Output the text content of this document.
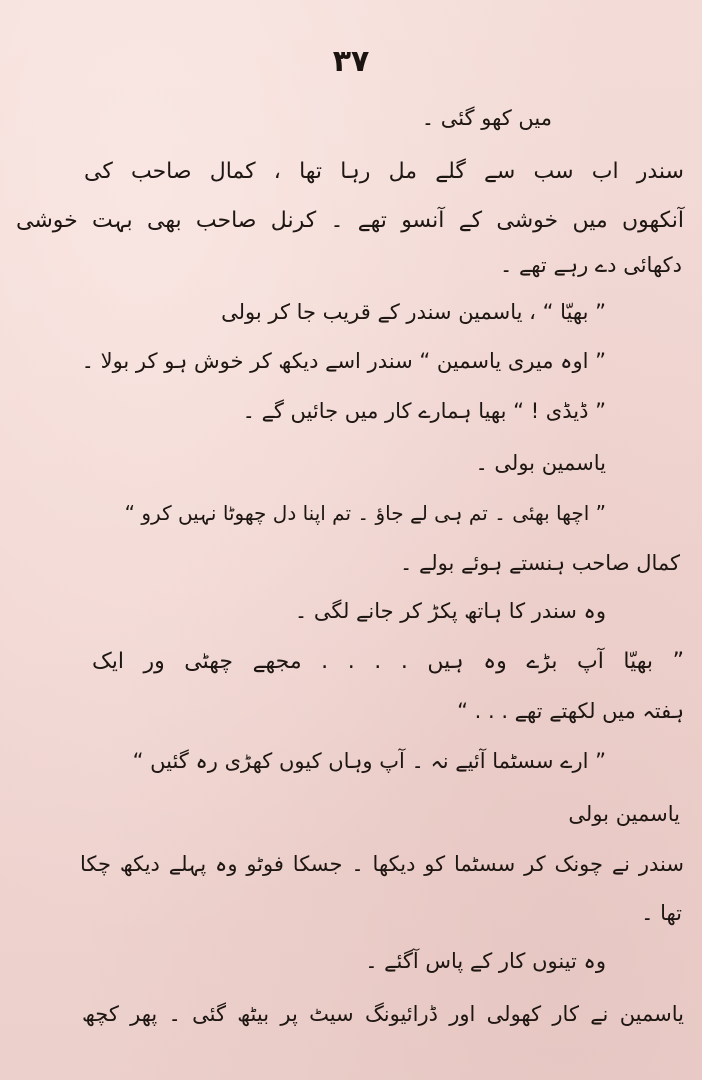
۳۷
میں کھو گئی ۔
سندر اب سب سے گلے مل رہا تھا ، کمال صاحب کی
آنکھوں میں خوشی کے آنسو تھے ۔ کرنل صاحب بھی بہت خوشی
دکھائی دے رہے تھے ۔
” بھیّا “ ، یاسمین سندر کے قریب جا کر بولی
” اوہ میری یاسمین “ سندر اسے دیکھ کر خوش ہو کر بولا ۔
” ڈیڈی ! “ بھیا ہمارے کار میں جائیں گے ۔
یاسمین بولی ۔
” اچھا بھئی ۔ تم ہی لے جاؤ ۔ تم اپنا دل چھوٹا نہیں کرو “
کمال صاحب ہنستے ہوئے بولے ۔
وہ سندر کا ہاتھ پکڑ کر جانے لگی ۔
” بھیّا آپ بڑے وہ ہیں . . . . مجھے چھٹی ور ایک
ہفتہ میں لکھتے تھے . . . “
” ارے سسٹما آئیے نہ ۔ آپ وہاں کیوں کھڑی رہ گئیں “
یاسمین بولی
سندر نے چونک کر سسٹما کو دیکھا ۔ جسکا فوٹو وہ پہلے دیکھ چکا
تھا ۔
وہ تینوں کار کے پاس آگئے ۔
یاسمین نے کار کھولی اور ڈرائیونگ سیٹ پر بیٹھ گئی ۔ پھر کچھ
